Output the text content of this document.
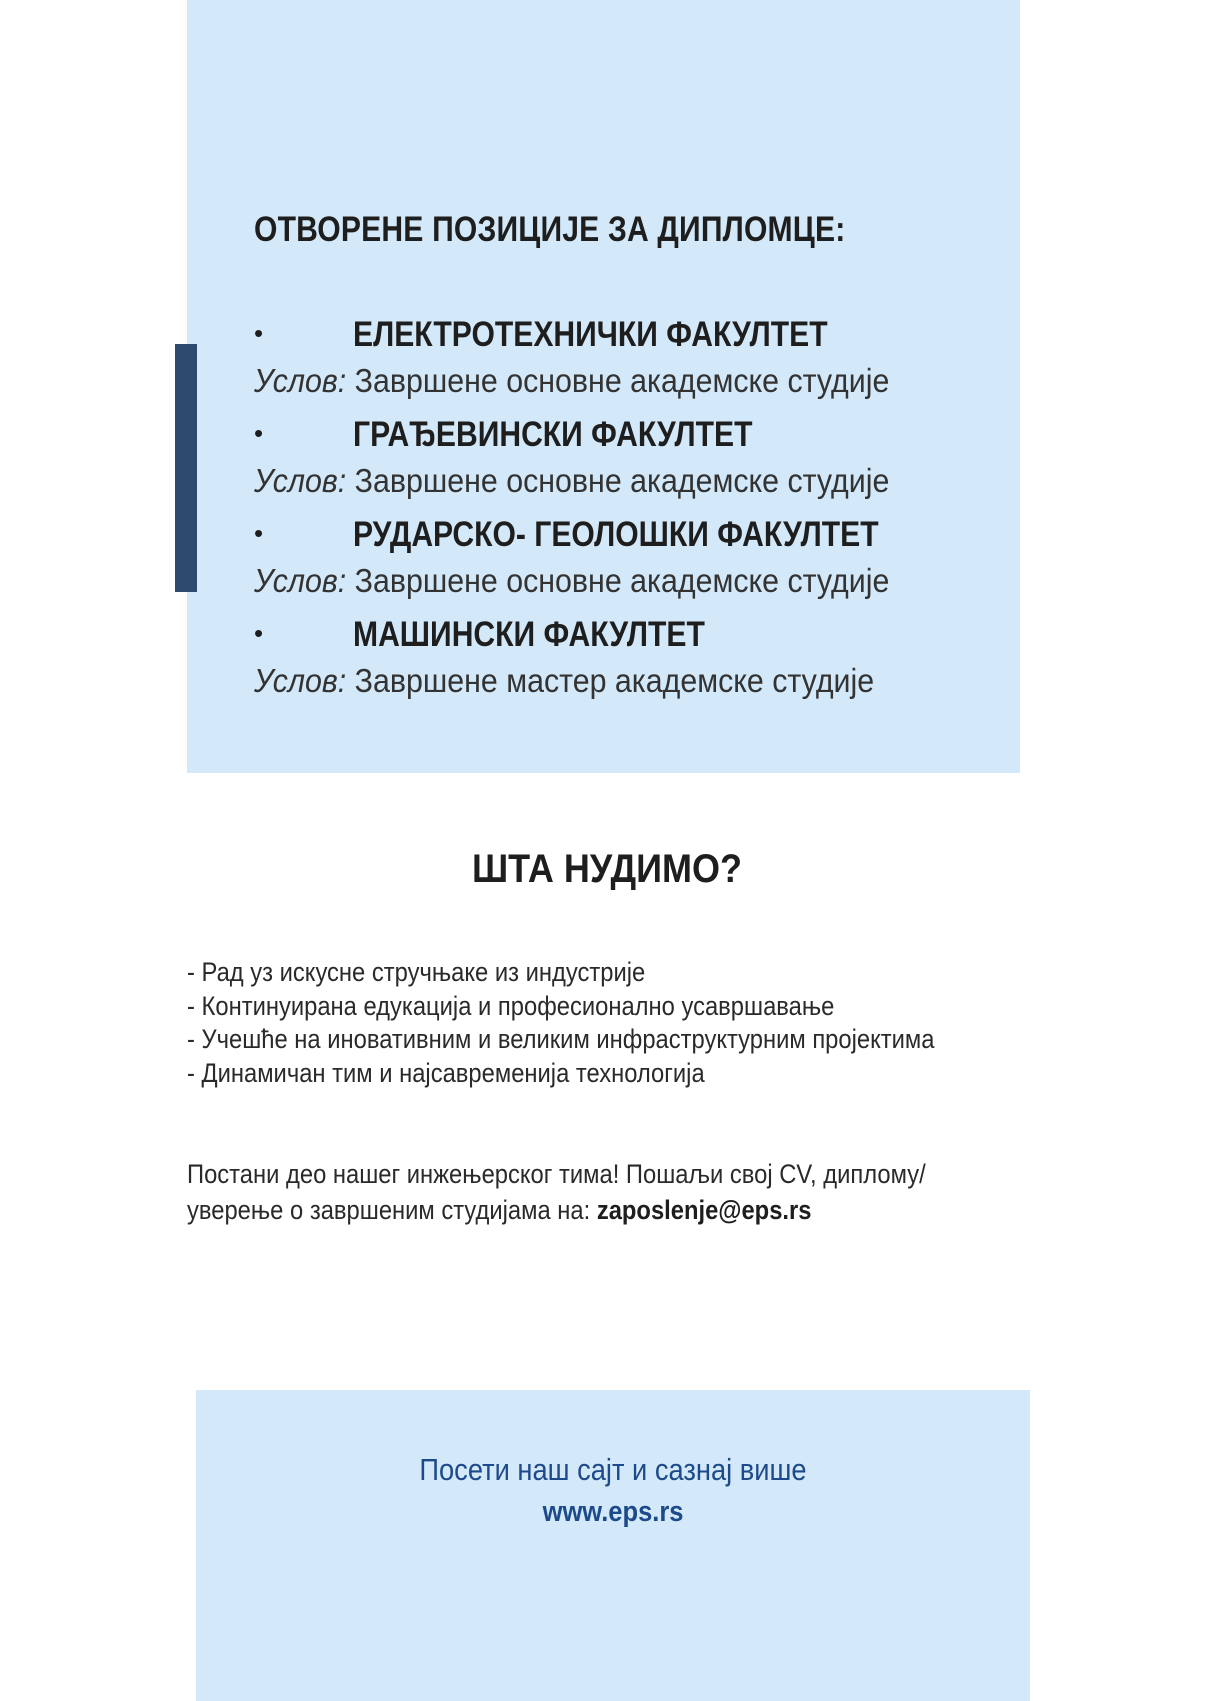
ОТВОРЕНЕ ПОЗИЦИЈЕ ЗА ДИПЛОМЦЕ:
•	ЕЛЕКТРОТЕХНИЧКИ ФАКУЛТЕТ
Услов: Завршене основне академске студије
•	ГРАЂЕВИНСКИ ФАКУЛТЕТ
Услов: Завршене основне академске студије
•	РУДАРСКО- ГЕОЛОШКИ ФАКУЛТЕТ
Услов: Завршене основне академске студије
•	МАШИНСКИ ФАКУЛТЕТ
Услов: Завршене мастер академске студије
ШТА НУДИМО?
- Рад уз искусне стручњаке из индустрије
- Континуирана едукација и професионално усавршавање
- Учешће на иновативним и великим инфраструктурним пројектима
- Динамичан тим и најсавременија технологија
Постани део нашег инжењерског тима! Пошаљи свој CV, диплому/
уверење о завршеним студијама на: zaposlenje@eps.rs
Посети наш сајт и сазнај више
www.eps.rs
